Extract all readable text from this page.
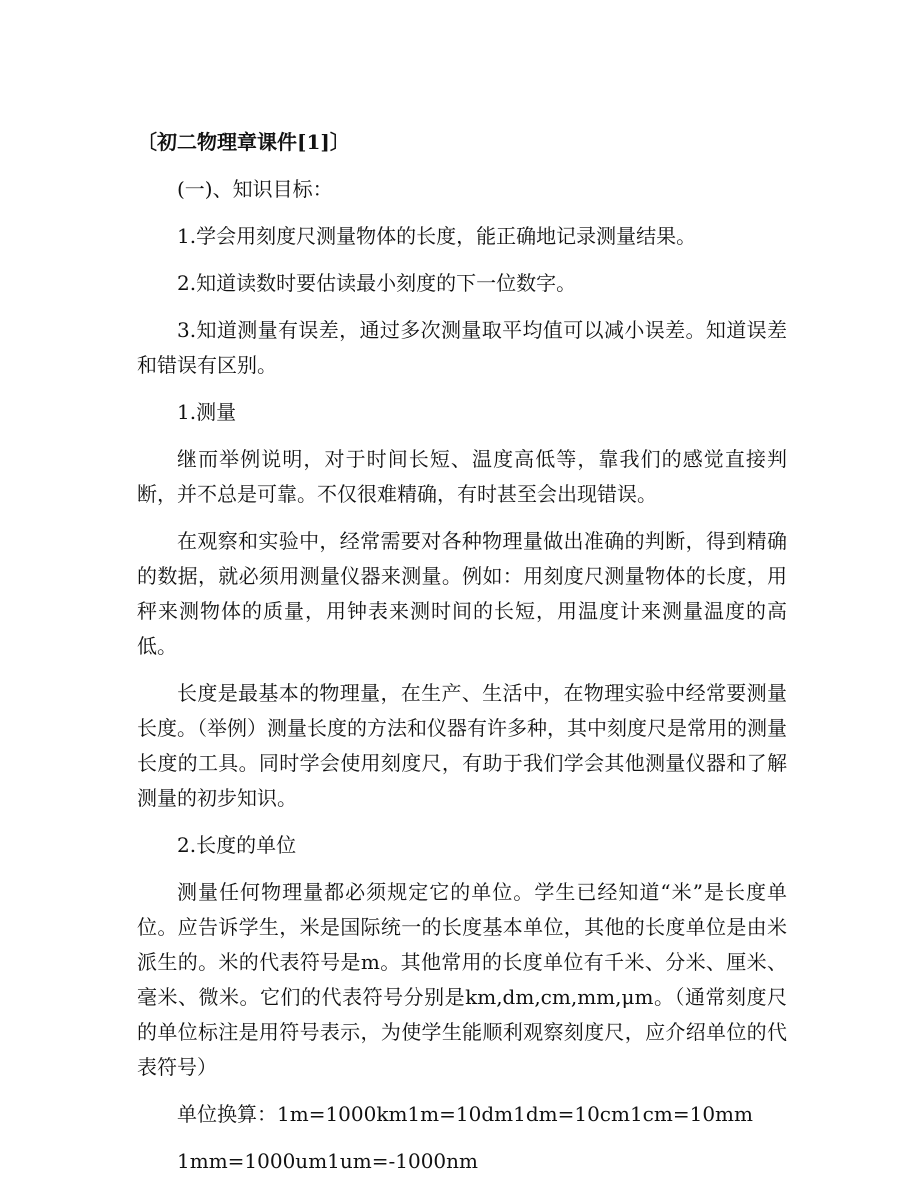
〔初二物理章课件[1]〕

(一)、知识目标：

1.学会用刻度尺测量物体的长度，能正确地记录测量结果。

2.知道读数时要估读最小刻度的下一位数字。

3.知道测量有误差，通过多次测量取平均值可以减小误差。知道误差和错误有区别。

1.测量

继而举例说明，对于时间长短、温度高低等，靠我们的感觉直接判断，并不总是可靠。不仅很难精确，有时甚至会出现错误。

在观察和实验中，经常需要对各种物理量做出准确的判断，得到精确的数据，就必须用测量仪器来测量。例如：用刻度尺测量物体的长度，用秤来测物体的质量，用钟表来测时间的长短，用温度计来测量温度的高低。

长度是最基本的物理量，在生产、生活中，在物理实验中经常要测量长度。（举例）测量长度的方法和仪器有许多种，其中刻度尺是常用的测量长度的工具。同时学会使用刻度尺，有助于我们学会其他测量仪器和了解测量的初步知识。

2.长度的单位

测量任何物理量都必须规定它的单位。学生已经知道“米”是长度单位。应告诉学生，米是国际统一的长度基本单位，其他的长度单位是由米派生的。米的代表符号是m。其他常用的长度单位有千米、分米、厘米、毫米、微米。它们的代表符号分别是km,dm,cm,mm,μm。（通常刻度尺的单位标注是用符号表示，为使学生能顺利观察刻度尺，应介绍单位的代表符号）

单位换算：1m=1000km1m=10dm1dm=10cm1cm=10mm

1mm=1000um1um=-1000nm
